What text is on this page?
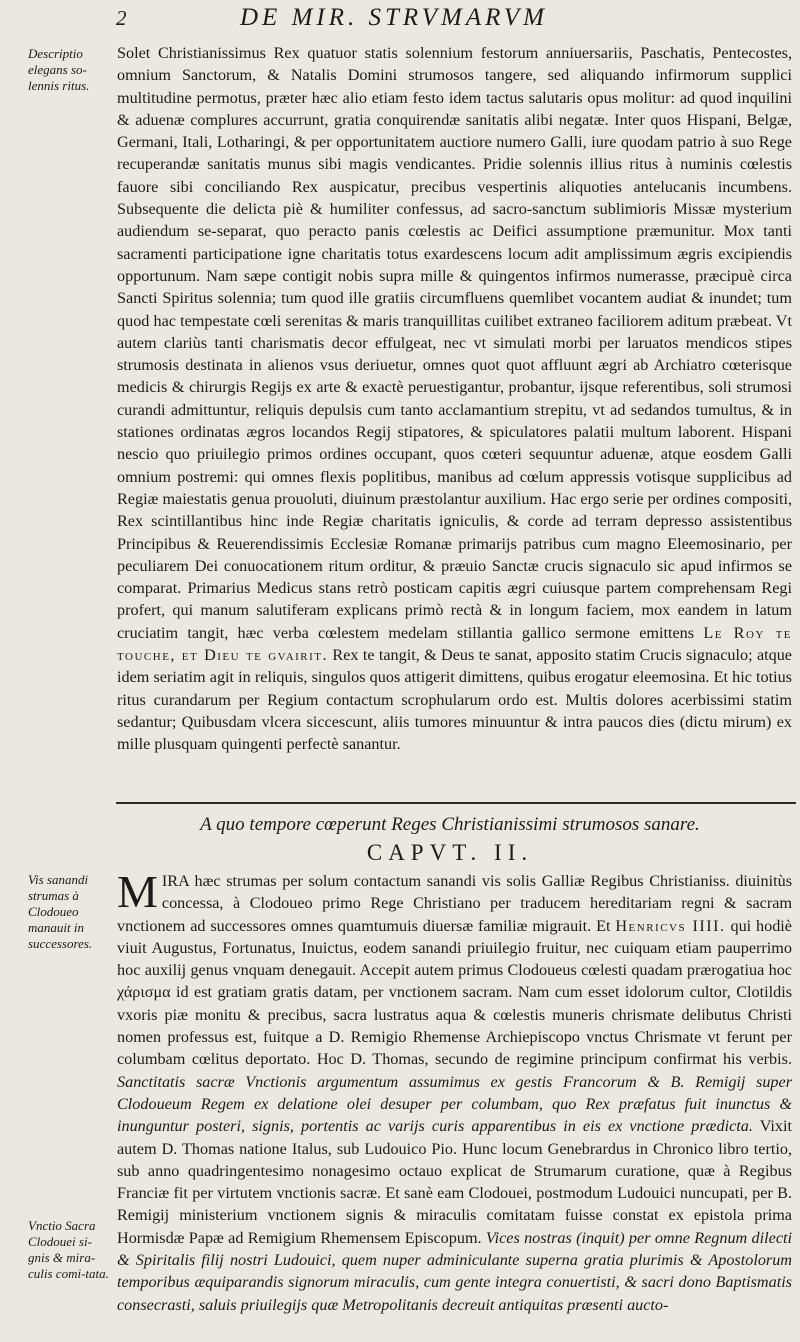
2	DE MIR. STRVMARVM
Descriptio elegans so-lennis ritus.
Solet Christianissimus Rex quatuor statis solennium festorum anniuersariis, Paschatis, Pentecostes, omnium Sanctorum, & Natalis Domini strumosos tangere, sed aliquando infirmorum supplici multitudine permotus, præter hæc alio etiam festo idem tactus salutaris opus molitur: ad quod inquilini & aduenæ complures accurrunt, gratia conquirendæ sanitatis alibi negatæ. Inter quos Hispani, Belgæ, Germani, Itali, Lotharingi, & per opportunitatem auctiore numero Galli, iure quodam patrio à suo Rege recuperandæ sanitatis munus sibi magis vendicantes. Pridie solennis illius ritus à numinis cœlestis fauore sibi conciliando Rex auspicatur, precibus vespertinis aliquoties antelucanis incumbens. Subsequente die delicta piè & humiliter confessus, ad sacro-sanctum sublimioris Missæ mysterium audiendum se-separat, quo peracto panis cœlestis ac Deifici assumptione præmunitur. Mox tanti sacramenti participatione igne charitatis totus exardescens locum adit amplissimum ægris excipiendis opportunum. Nam sæpe contigit nobis supra mille & quingentos infirmos numerasse, præcipuè circa Sancti Spiritus solennia; tum quod ille gratiis circumfluens quemlibet vocantem audiat & inundet; tum quod hac tempestate cœli serenitas & maris tranquillitas cuilibet extraneo faciliorem aditum præbeat. Vt autem clariùs tanti charismatis decor effulgeat, nec vt simulati morbi per laruatos mendicos stipes strumosis destinata in alienos vsus deriuetur, omnes quot quot affluunt ægri ab Archiatro cœterisque medicis & chirurgis Regijs ex arte & exactè peruestigantur, probantur, ijsque referentibus, soli strumosi curandi admittuntur, reliquis depulsis cum tanto acclamantium strepitu, vt ad sedandos tumultus, & in stationes ordinatas ægros locandos Regij stipatores, & spiculatores palatii multum laborent. Hispani nescio quo priuilegio primos ordines occupant, quos cœteri sequuntur aduenæ, atque eosdem Galli omnium postremi: qui omnes flexis poplitibus, manibus ad cœlum appressis votisque supplicibus ad Regiæ maiestatis genua prouoluti, diuinum præstolantur auxilium. Hac ergo serie per ordines compositi, Rex scintillantibus hinc inde Regiæ charitatis igniculis, & corde ad terram depresso assistentibus Principibus & Reuerendissimis Ecclesiæ Romanæ primarijs patribus cum magno Eleemosinario, per peculiarem Dei conuocationem ritum orditur, & præuio Sanctæ crucis signaculo sic apud infirmos se comparat. Primarius Medicus stans retrò posticam capitis ægri cuiusque partem comprehensam Regi profert, qui manum salutiferam explicans primò rectà & in longum faciem, mox eandem in latum cruciatim tangit, hæc verba cœlestem medelam stillantia gallico sermone emittens Le Roy te touche, et Dieu te gvairit. Rex te tangit, & Deus te sanat, apposito statim Crucis signaculo; atque idem seriatim agit in reliquis, singulos quos attigerit dimittens, quibus erogatur eleemosina. Et hic totius ritus curandarum per Regium contactum scrophularum ordo est. Multis dolores acerbissimi statim sedantur; Quibusdam vlcera siccescunt, aliis tumores minuuntur & intra paucos dies (dictu mirum) ex mille plusquam quingenti perfectè sanantur.
A quo tempore cœperunt Reges Christianissimi strumosos sanare.
CAPVT. II.
Vis sanandi strumas à Clodoueo manauit in successores.
Vnctio Sacra Clodouei si-gnis & mira-culis comi-tata.
M IRA hæc strumas per solum contactum sanandi vis solis Galliæ Regibus Christianiss. diuinitùs concessa, à Clodoueo primo Rege Christiano per traducem hereditariam regni & sacram vnctionem ad successores omnes quamtumuis diuersæ familiæ migrauit. Et Henricvs IIII. qui hodiè viuit Augustus, Fortunatus, Inuictus, eodem sanandi priuilegio fruitur, nec cuiquam etiam pauperrimo hoc auxilij genus vnquam denegauit. Accepit autem primus Clodoueus cœlesti quadam prærogatiua hoc χάρισμα id est gratiam gratis datam, per vnctionem sacram. Nam cum esset idolorum cultor, Clotildis vxoris piæ monitu & precibus, sacra lustratus aqua & cœlestis muneris chrismate delibutus Christi nomen professus est, fuitque a D. Remigio Rhemense Archiepiscopo vnctus Chrismate vt ferunt per columbam cœlitus deportato. Hoc D. Thomas, secundo de regimine principum confirmat his verbis. Sanctitatis sacræ Vnctionis argumentum assumimus ex gestis Francorum & B. Remigij super Clodoueum Regem ex delatione olei desuper per columbam, quo Rex præfatus fuit inunctus & inunguntur posteri, signis, portentis ac varijs curis apparentibus in eis ex vnctione prædicta. Vixit autem D. Thomas natione Italus, sub Ludouico Pio. Hunc locum Genebrardus in Chronico libro tertio, sub anno quadringentesimo nonagesimo octauo explicat de Strumarum curatione, quæ à Regibus Franciæ fit per virtutem vnctionis sacræ. Et sanè eam Clodouei, postmodum Ludouici nuncupati, per B. Remigij ministerium vnctionem signis & miraculis comitatam fuisse constat ex epistola prima Hormisdæ Papæ ad Remigium Rhemensem Episcopum. Vices nostras (inquit) per omne Regnum dilecti & Spiritalis filij nostri Ludouici, quem nuper adminiculante superna gratia plurimis & Apostolorum temporibus æquiparandis signorum miraculis, cum gente integra conuertisti, & sacri dono Baptismatis consecrasti, saluis priuilegijs quæ Metropolitanis decreuit antiquitas præsenti aucto-
